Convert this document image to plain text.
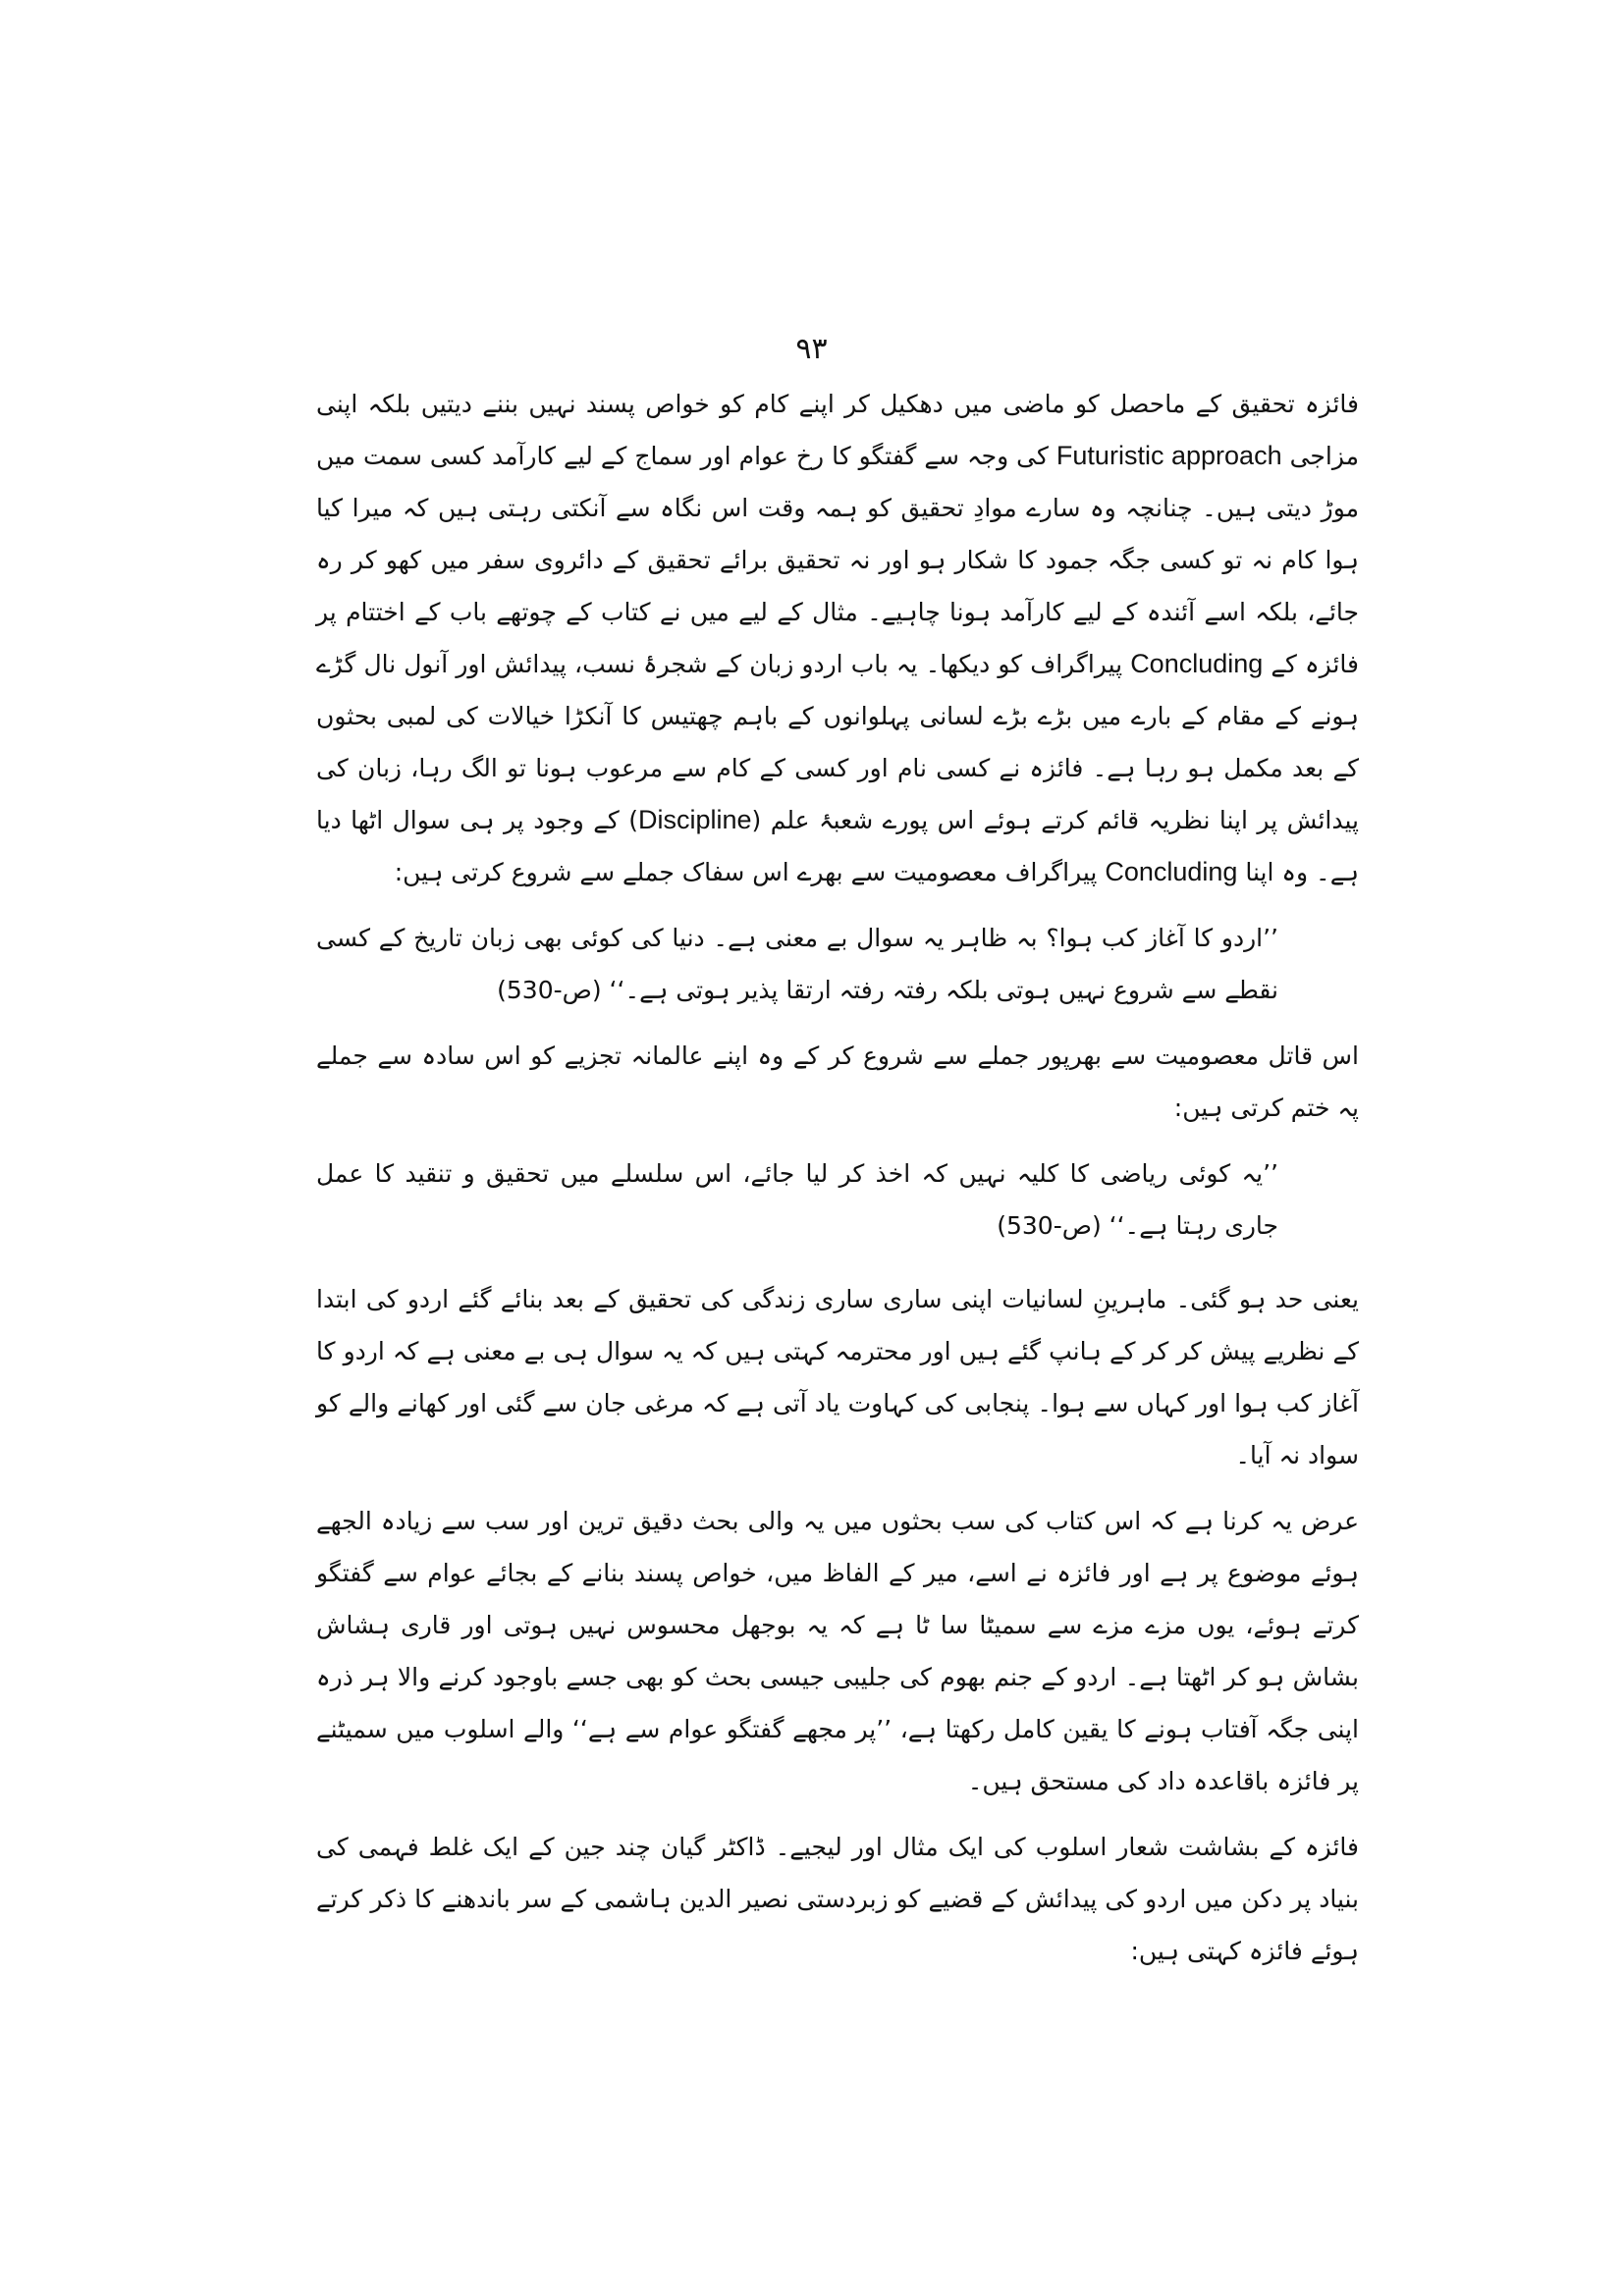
۹۳

فائزہ تحقیق کے ماحصل کو ماضی میں دھکیل کر اپنے کام کو خواص پسند نہیں بننے دیتیں بلکہ اپنی مزاجی Futuristic approach کی وجہ سے گفتگو کا رخ عوام اور سماج کے لیے کارآمد کسی سمت میں موڑ دیتی ہیں۔ چنانچہ وہ سارے موادِ تحقیق کو ہمہ وقت اس نگاہ سے آنکتی رہتی ہیں کہ میرا کیا ہوا کام نہ تو کسی جگہ جمود کا شکار ہو اور نہ تحقیق برائے تحقیق کے دائروی سفر میں کھو کر رہ جائے، بلکہ اسے آئندہ کے لیے کارآمد ہونا چاہیے۔ مثال کے لیے میں نے کتاب کے چوتھے باب کے اختتام پر فائزہ کے Concluding پیراگراف کو دیکھا۔ یہ باب اردو زبان کے شجرۂ نسب، پیدائش اور آنول نال گڑے ہونے کے مقام کے بارے میں بڑے بڑے لسانی پہلوانوں کے باہم چھتیس کا آنکڑا خیالات کی لمبی بحثوں کے بعد مکمل ہو رہا ہے۔ فائزہ نے کسی نام اور کسی کے کام سے مرعوب ہونا تو الگ رہا، زبان کی پیدائش پر اپنا نظریہ قائم کرتے ہوئے اس پورے شعبۂ علم (Discipline) کے وجود پر ہی سوال اٹھا دیا ہے۔ وہ اپنا Concluding پیراگراف معصومیت سے بھرے اس سفاک جملے سے شروع کرتی ہیں:

’’اردو کا آغاز کب ہوا؟ بہ ظاہر یہ سوال بے معنی ہے۔ دنیا کی کوئی بھی زبان تاریخ کے کسی نقطے سے شروع نہیں ہوتی بلکہ رفتہ رفتہ ارتقا پذیر ہوتی ہے۔‘‘ (ص-530)

اس قاتل معصومیت سے بھرپور جملے سے شروع کر کے وہ اپنے عالمانہ تجزیے کو اس سادہ سے جملے پہ ختم کرتی ہیں:

’’یہ کوئی ریاضی کا کلیہ نہیں کہ اخذ کر لیا جائے، اس سلسلے میں تحقیق و تنقید کا عمل جاری رہتا ہے۔‘‘ (ص-530)

یعنی حد ہو گئی۔ ماہرینِ لسانیات اپنی ساری ساری زندگی کی تحقیق کے بعد بنائے گئے اردو کی ابتدا کے نظریے پیش کر کر کے ہانپ گئے ہیں اور محترمہ کہتی ہیں کہ یہ سوال ہی بے معنی ہے کہ اردو کا آغاز کب ہوا اور کہاں سے ہوا۔ پنجابی کی کہاوت یاد آتی ہے کہ مرغی جان سے گئی اور کھانے والے کو سواد نہ آیا۔

عرض یہ کرنا ہے کہ اس کتاب کی سب بحثوں میں یہ والی بحث دقیق ترین اور سب سے زیادہ الجھے ہوئے موضوع پر ہے اور فائزہ نے اسے، میر کے الفاظ میں، خواص پسند بنانے کے بجائے عوام سے گفتگو کرتے ہوئے، یوں مزے مزے سے سمیٹا سا ٹا ہے کہ یہ بوجھل محسوس نہیں ہوتی اور قاری ہشاش بشاش ہو کر اٹھتا ہے۔ اردو کے جنم بھوم کی جلیبی جیسی بحث کو بھی جسے باوجود کرنے والا ہر ذرہ اپنی جگہ آفتاب ہونے کا یقین کامل رکھتا ہے، ’’پر مجھے گفتگو عوام سے ہے‘‘ والے اسلوب میں سمیٹنے پر فائزہ باقاعدہ داد کی مستحق ہیں۔

فائزہ کے بشاشت شعار اسلوب کی ایک مثال اور لیجیے۔ ڈاکٹر گیان چند جین کے ایک غلط فہمی کی بنیاد پر دکن میں اردو کی پیدائش کے قضیے کو زبردستی نصیر الدین ہاشمی کے سر باندھنے کا ذکر کرتے ہوئے فائزہ کہتی ہیں:
